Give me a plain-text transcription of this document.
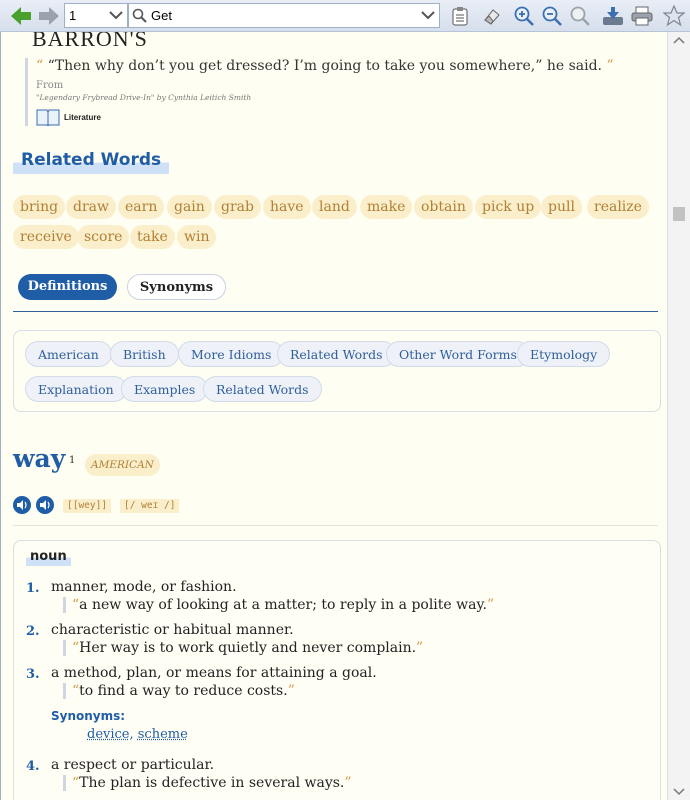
1	Get
BARRON'S
“ “Then why don’t you get dressed? I’m going to take you somewhere,” he said. ”
From
"Legendary Frybread Drive-In" by Cynthia Leitich Smith
Literature
Related Words
bring	draw	earn	gain	grab	have	land	make	obtain	pick up pull	realize
receive score	take	win
Definitions	Synonyms
American	British	More Idioms	Related Words	Other Word Forms	Etymology
Explanation	Examples	Related Words
way 1	AMERICAN
[[wey]]	[/ weɪ /]
noun
1. manner, mode, or fashion.
“a new way of looking at a matter; to reply in a polite way.”
2. characteristic or habitual manner.
“Her way is to work quietly and never complain.”
3. a method, plan, or means for attaining a goal.
“to find a way to reduce costs.”
Synonyms:
device, scheme
4. a respect or particular.
“The plan is defective in several ways.”
